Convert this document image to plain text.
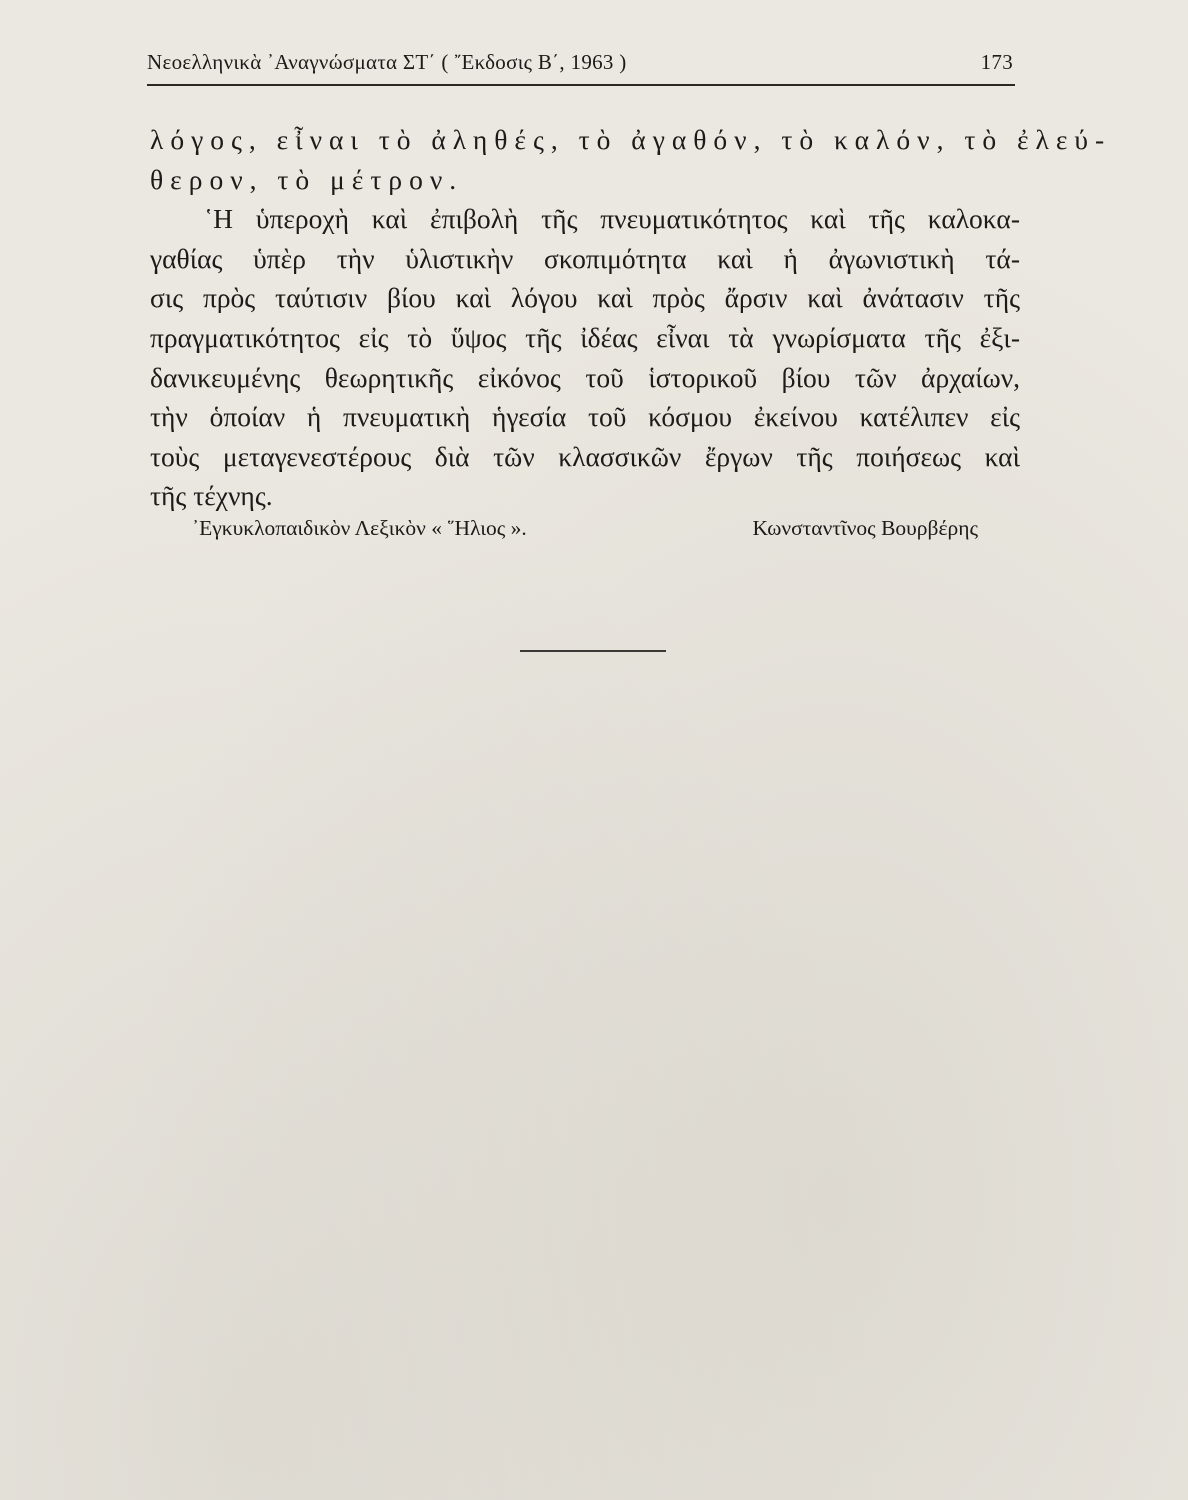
Νεοελληνικὰ ᾿Αναγνώσματα ΣΤ΄ ( ῎Εκδοσις Β΄, 1963 )	173
λόγος, εἶναι τὸ ἀληθές, τὸ ἀγαθόν, τὸ καλόν, τὸ ἐλεύ-
θερον, τὸ μέτρον.
῾Η ὑπεροχὴ καὶ ἐπιβολὴ τῆς πνευματικότητος καὶ τῆς καλοκα-
γαθίας ὑπὲρ τὴν ὑλιστικὴν σκοπιμότητα καὶ ἡ ἀγωνιστικὴ τά-
σις πρὸς ταύτισιν βίου καὶ λόγου καὶ πρὸς ἄρσιν καὶ ἀνάτασιν τῆς
πραγματικότητος εἰς τὸ ὕψος τῆς ἰδέας εἶναι τὰ γνωρίσματα τῆς ἐξι-
δανικευμένης θεωρητικῆς εἰκόνος τοῦ ἱστορικοῦ βίου τῶν ἀρχαίων,
τὴν ὁποίαν ἡ πνευματικὴ ἡγεσία τοῦ κόσμου ἐκείνου κατέλιπεν εἰς
τοὺς μεταγενεστέρους διὰ τῶν κλασσικῶν ἔργων τῆς ποιήσεως καὶ
τῆς τέχνης.
᾿Εγκυκλοπαιδικὸν Λεξικὸν « ῞Ηλιος ».	Κωνσταντῖνος Βουρβέρης
